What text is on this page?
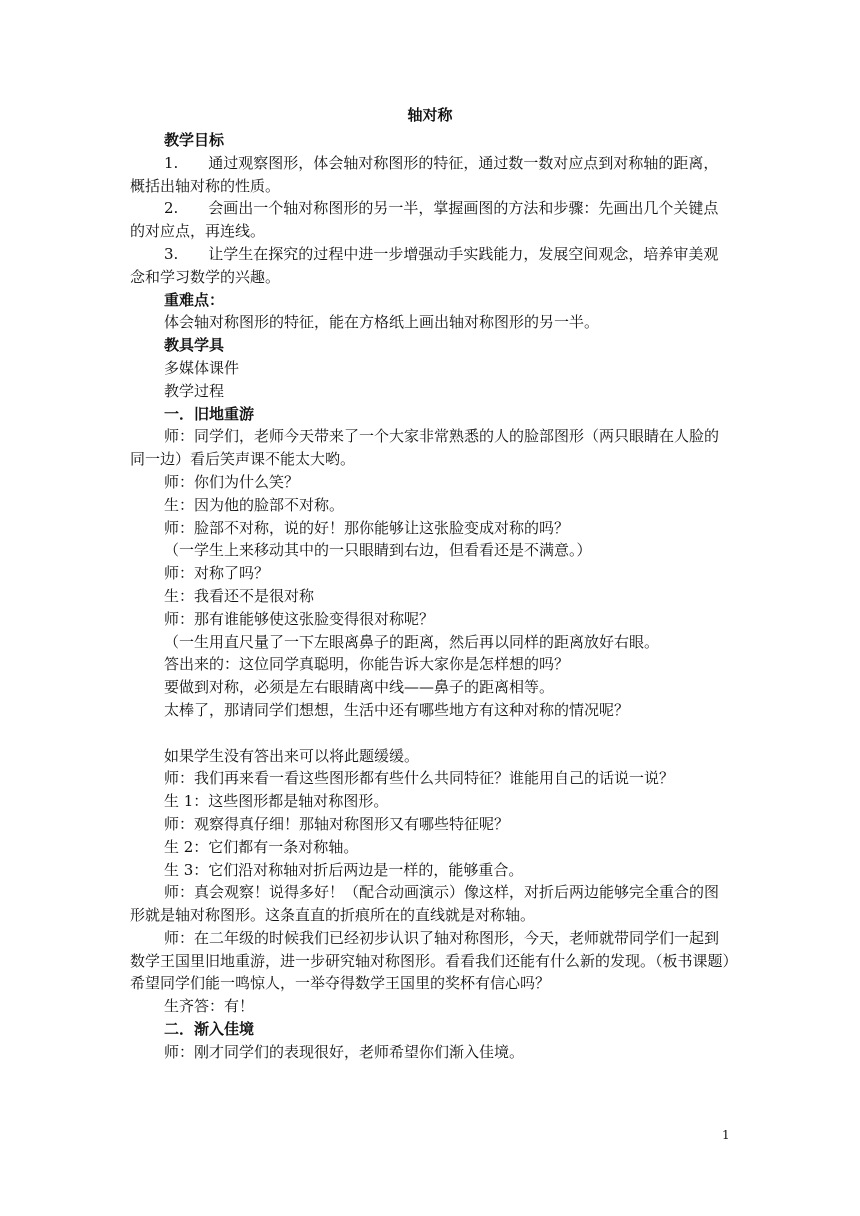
轴对称

教学目标

1.　　通过观察图形，体会轴对称图形的特征，通过数一数对应点到对称轴的距离，概括出轴对称的性质。

2.　　会画出一个轴对称图形的另一半，掌握画图的方法和步骤：先画出几个关键点的对应点，再连线。

3.　　让学生在探究的过程中进一步增强动手实践能力，发展空间观念，培养审美观念和学习数学的兴趣。

重难点：

体会轴对称图形的特征，能在方格纸上画出轴对称图形的另一半。

教具学具

多媒体课件

教学过程

一．旧地重游

师：同学们，老师今天带来了一个大家非常熟悉的人的脸部图形（两只眼睛在人脸的同一边）看后笑声课不能太大哟。

师：你们为什么笑？

生：因为他的脸部不对称。

师：脸部不对称，说的好！那你能够让这张脸变成对称的吗？

（一学生上来移动其中的一只眼睛到右边，但看看还是不满意。）

师：对称了吗？

生：我看还不是很对称

师：那有谁能够使这张脸变得很对称呢？

（一生用直尺量了一下左眼离鼻子的距离，然后再以同样的距离放好右眼。

答出来的：这位同学真聪明，你能告诉大家你是怎样想的吗？

要做到对称，必须是左右眼睛离中线——鼻子的距离相等。

太棒了，那请同学们想想，生活中还有哪些地方有这种对称的情况呢？

如果学生没有答出来可以将此题缓缓。

师：我们再来看一看这些图形都有些什么共同特征？谁能用自己的话说一说？

生 1：这些图形都是轴对称图形。

师：观察得真仔细！那轴对称图形又有哪些特征呢？

生 2：它们都有一条对称轴。

生 3：它们沿对称轴对折后两边是一样的，能够重合。

师：真会观察！说得多好！（配合动画演示）像这样，对折后两边能够完全重合的图形就是轴对称图形。这条直直的折痕所在的直线就是对称轴。

师：在二年级的时候我们已经初步认识了轴对称图形，今天，老师就带同学们一起到数学王国里旧地重游，进一步研究轴对称图形。看看我们还能有什么新的发现。（板书课题）希望同学们能一鸣惊人，一举夺得数学王国里的奖杯有信心吗？

生齐答：有！

二．渐入佳境

师：刚才同学们的表现很好，老师希望你们渐入佳境。

1
